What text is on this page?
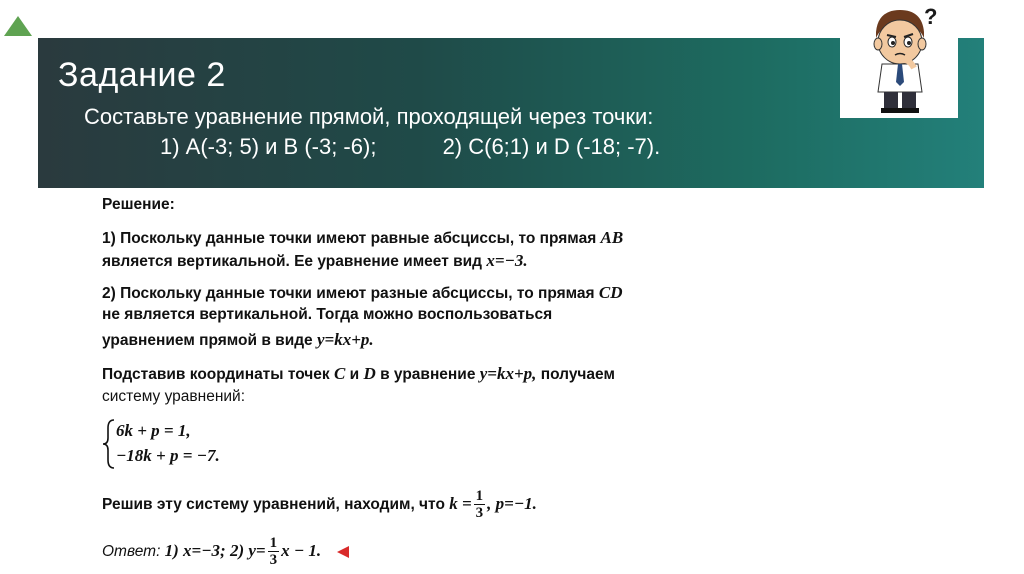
Задание 2
Составьте уравнение прямой, проходящей через точки:
1) А(-3; 5) и В (-3; -6);	2) С(6;1) и D (-18; -7).
?
Решение:
1) Поскольку данные точки имеют равные абсциссы, то прямая AB
является вертикальной. Ее уравнение имеет вид x=−3.
2) Поскольку данные точки имеют разные абсциссы, то прямая CD
не является вертикальной. Тогда можно воспользоваться
уравнением прямой в виде y=kx+p.
Подставив координаты точек C и D в уравнение y=kx+p, получаем
систему уравнений:
6k + p = 1,
−18k + p = −7.
Решив эту систему уравнений, находим, что $k = \frac{1}{3}$ , p=−1.
Ответ: 1) x=−3; 2) $y= \frac{1}{3}$ x − 1.
